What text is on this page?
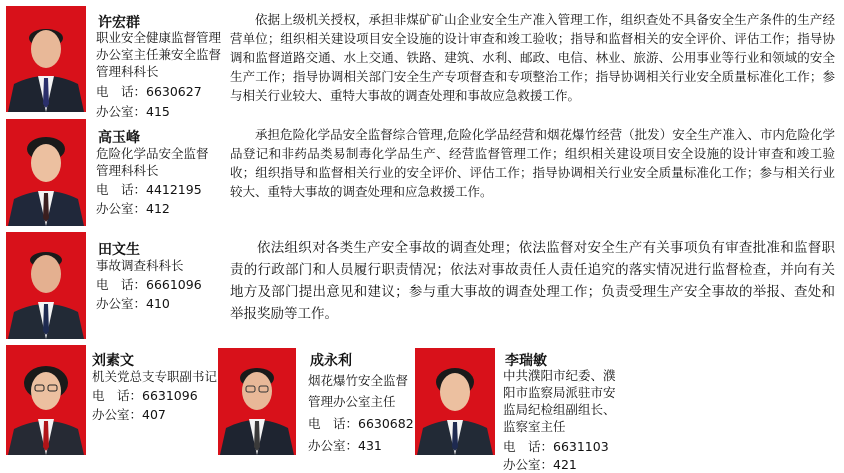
许宏群
职业安全健康监督管理
办公室主任兼安全监督
管理科科长
电　话：6630627
办公室：415
依据上级机关授权，承担非煤矿矿山企业安全生产准入管理工作，组织查处不具备安全生产条件的生产经营单位；组织相关建设项目安全设施的设计审查和竣工验收；指导和监督相关的安全评价、评估工作；指导协调和监督道路交通、水上交通、铁路、建筑、水利、邮政、电信、林业、旅游、公用事业等行业和领域的安全生产工作；指导协调相关部门安全生产专项督查和专项整治工作；指导协调相关行业安全质量标准化工作；参与相关行业较大、重特大事故的调查处理和事故应急救援工作。
高玉峰
危险化学品安全监督
管理科科长
电　话：4412195
办公室：412
承担危险化学品安全监督综合管理,危险化学品经营和烟花爆竹经营（批发）安全生产准入、市内危险化学品登记和非药品类易制毒化学品生产、经营监督管理工作；组织相关建设项目安全设施的设计审查和竣工验收；组织指导和监督相关行业的安全评价、评估工作；指导协调相关行业安全质量标准化工作；参与相关行业较大、重特大事故的调查处理和应急救援工作。
田文生
事故调查科科长
电　话：6661096
办公室：410
依法组织对各类生产安全事故的调查处理；依法监督对安全生产有关事项负有审查批准和监督职责的行政部门和人员履行职责情况；依法对事故责任人责任追究的落实情况进行监督检查，并向有关地方及部门提出意见和建议；参与重大事故的调查处理工作；负责受理生产安全事故的举报、查处和举报奖励等工作。
刘素文
机关党总支专职副书记
电　话：6631096
办公室：407
成永利
烟花爆竹安全监督
管理办公室主任
电　话：6630682
办公室：431
李瑞敏
中共濮阳市纪委、濮
阳市监察局派驻市安
监局纪检组副组长、
监察室主任
电　话：6631103
办公室：421
